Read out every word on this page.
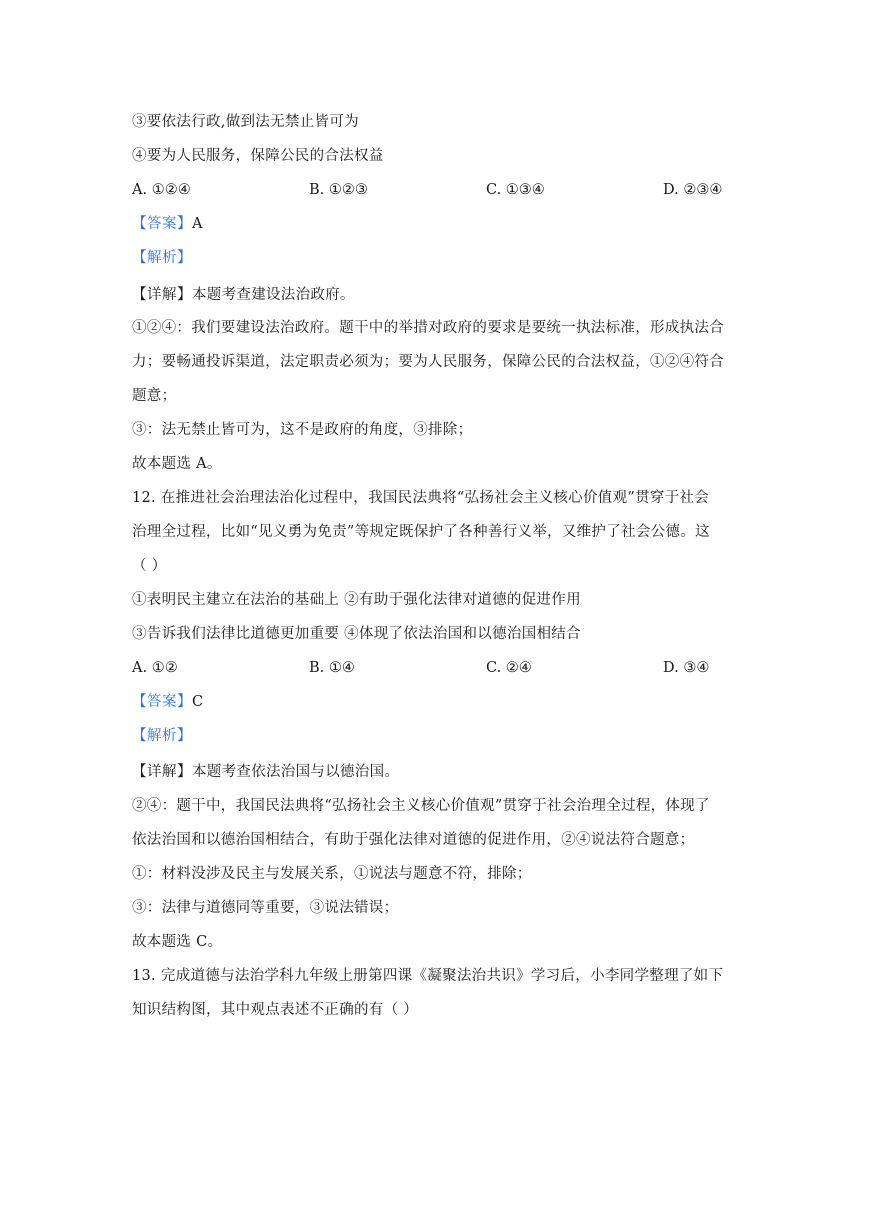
③要依法行政,做到法无禁止皆可为
④要为人民服务，保障公民的合法权益
A. ①②④	B. ①②③	C. ①③④	D. ②③④
【答案】A
【解析】
【详解】本题考查建设法治政府。
①②④：我们要建设法治政府。题干中的举措对政府的要求是要统一执法标准，形成执法合
力；要畅通投诉渠道，法定职责必须为；要为人民服务，保障公民的合法权益，①②④符合
题意；
③：法无禁止皆可为，这不是政府的角度，③排除；
故本题选 A。
12. 在推进社会治理法治化过程中，我国民法典将“弘扬社会主义核心价值观”贯穿于社会
治理全过程，比如“见义勇为免责”等规定既保护了各种善行义举，又维护了社会公德。这
（ ）
①表明民主建立在法治的基础上 ②有助于强化法律对道德的促进作用
③告诉我们法律比道德更加重要 ④体现了依法治国和以德治国相结合
A. ①②	B. ①④	C. ②④	D. ③④
【答案】C
【解析】
【详解】本题考查依法治国与以德治国。
②④：题干中，我国民法典将“弘扬社会主义核心价值观”贯穿于社会治理全过程，体现了
依法治国和以德治国相结合，有助于强化法律对道德的促进作用，②④说法符合题意；
①：材料没涉及民主与发展关系，①说法与题意不符，排除；
③：法律与道德同等重要，③说法错误；
故本题选 C。
13. 完成道德与法治学科九年级上册第四课《凝聚法治共识》学习后，小李同学整理了如下
知识结构图，其中观点表述不正确的有（ ）
